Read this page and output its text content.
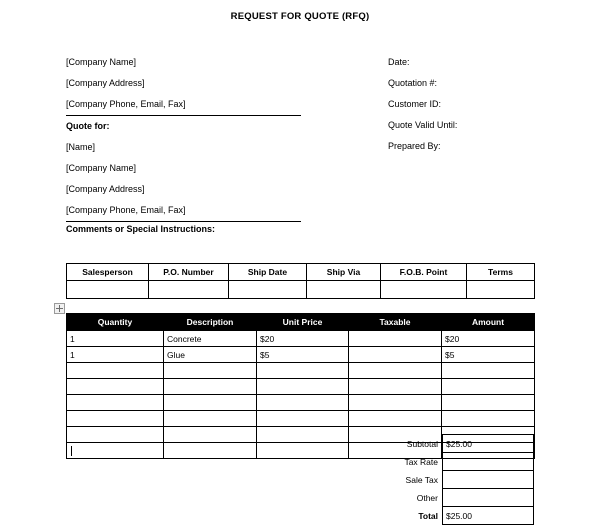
REQUEST FOR QUOTE (RFQ)
[Company Name]
[Company Address]
[Company Phone, Email, Fax]
Quote for:
[Name]
[Company Name]
[Company Address]
[Company Phone, Email, Fax]
Date:
Quotation #:
Customer ID:
Quote Valid Until:
Prepared By:
Comments or Special Instructions:
Salesperson	P.O. Number	Ship Date	Ship Via	F.O.B. Point	Terms

Quantity	Description	Unit Price	Taxable	Amount
1	Concrete	$20		$20
1	Glue	$5		$5

Subtotal	$25.00
Tax Rate	
Sale Tax	
Other	
Total	$25.00
